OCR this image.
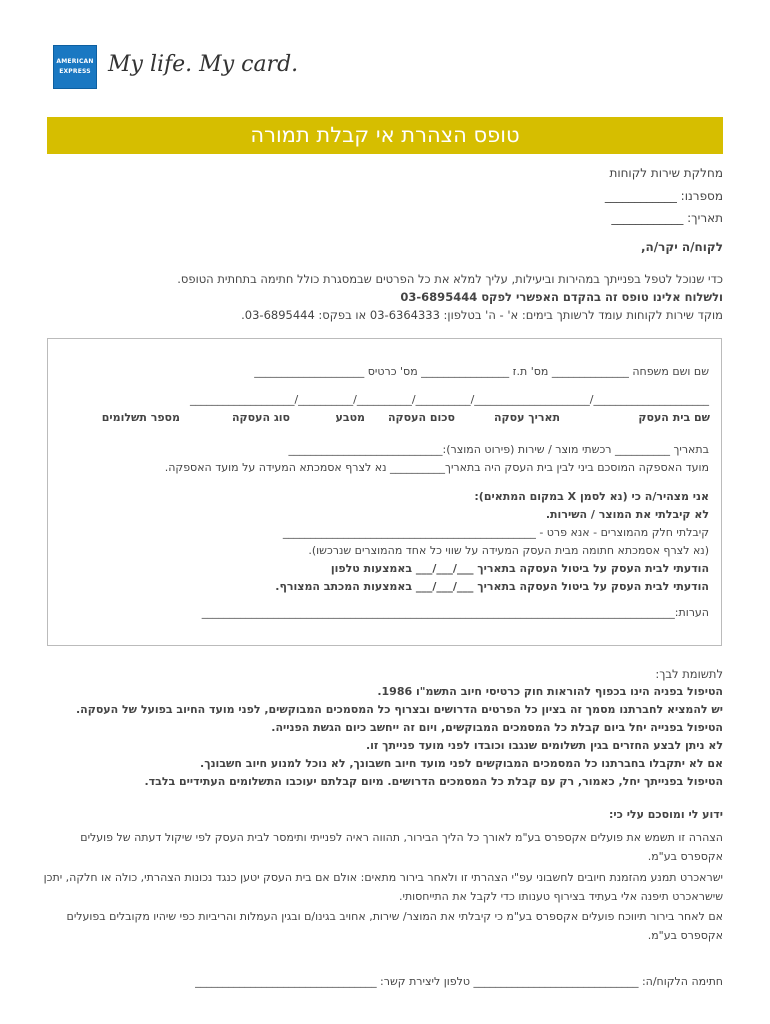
AMERICAN
EXPRESS My life. My card.
טופס הצהרת אי קבלת תמורה
מחלקת שירות לקוחות
מספרנו: ____________
תאריך: ____________
לקוח/ה יקר/ה,
כדי שנוכל לטפל בפנייתך במהירות וביעילות, עליך למלא את כל הפרטים שבמסגרת כולל חתימה בתחתית הטופס.
ולשלוח אלינו טופס זה בהקדם האפשרי לפקס 03-6895444
מוקד שירות לקוחות עומד לרשותך בימים: א' - ה' בטלפון: 03-6364333 או בפקס: 03-6895444.
שם ושם משפחה ______________ מס' ת.ז ________________ מס' כרטיס ____________________
_____________________/_____________________/__________/__________/__________/___________________
שם בית העסק
תאריך עסקה
סכום העסקה
מטבע
סוג העסקה
מספר תשלומים
בתאריך __________ רכשתי מוצר / שירות (פירוט המוצר):____________________________
מועד האספקה המוסכם ביני לבין בית העסק היה בתאריך__________ נא לצרף אסמכתא המעידה על מועד האספקה.
אני מצהיר/ה כי (נא לסמן X במקום המתאים):
לא קיבלתי את המוצר / השירות.
קיבלתי חלק מהמוצרים - אנא פרט - ______________________________________________
(נא לצרף אסמכתא חתומה מבית העסק המעידה על שווי כל אחד מהמוצרים שנרכשו).
הודעתי לבית העסק על ביטול העסקה בתאריך ___/___/___ באמצעות טלפון
הודעתי לבית העסק על ביטול העסקה בתאריך ___/___/___ באמצעות המכתב המצורף.
הערות:______________________________________________________________________________________
לתשומת לבך:
הטיפול בפניה הינו בכפוף להוראות חוק כרטיסי חיוב התשמ"ו 1986.
יש להמציא לחברתנו מסמך זה בציון כל הפרטים הדרושים ובצרוף כל המסמכים המבוקשים, לפני מועד החיוב בפועל של העסקה.
הטיפול בפנייה יחל ביום קבלת כל המסמכים המבוקשים, ויום זה ייחשב כיום הגשת הפנייה.
לא ניתן לבצע החזרים בגין תשלומים שנגבו וכובדו לפני מועד פנייתך זו.
אם לא יתקבלו בחברתנו כל המסמכים המבוקשים לפני מועד חיוב חשבונך, לא נוכל למנוע חיוב חשבונך.
הטיפול בפנייתך יחל, כאמור, רק עם קבלת כל המסמכים הדרושים. מיום קבלתם יעוכבו התשלומים העתידיים בלבד.
ידוע לי ומוסכם עלי כי:
הצהרה זו תשמש את פועלים אקספרס בע"מ לאורך כל הליך הבירור, תהווה ראיה לפנייתי ותימסר לבית העסק לפי שיקול דעתה של פועלים אקספרס בע"מ.
ישראכרט תמנע מהזמנת חיובים לחשבוני עפ"י הצהרתי זו ולאחר בירור מתאים: אולם אם בית העסק יטען כנגד נכונות הצהרתי, כולה או חלקה, יתכן שישראכרט תיפנה אלי בעתיד בצירוף טענותו כדי לקבל את התייחסותי.
אם לאחר בירור תיווכח פועלים אקספרס בע"מ כי קיבלתי את המוצר/ שירות, אחויב בגינו/ם ובגין העמלות והריביות כפי שיהיו מקובלים בפועלים אקספרס בע"מ.
חתימה הלקוח/ה: ______________________________ טלפון ליצירת קשר: _________________________________
